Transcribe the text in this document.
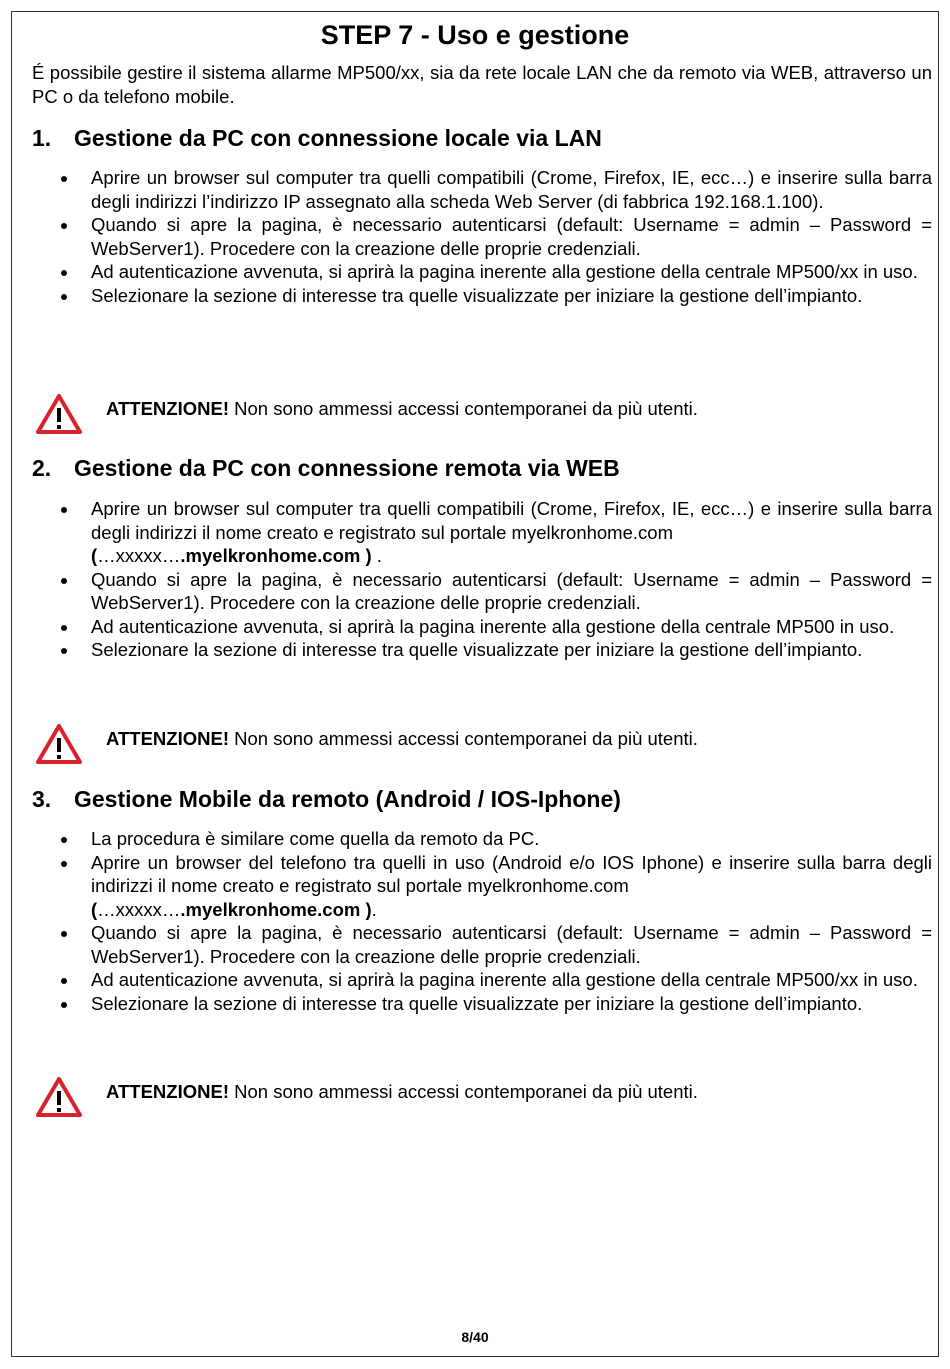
STEP 7 - Uso e gestione
É possibile gestire il sistema allarme MP500/xx, sia da rete locale LAN che da remoto via WEB, attraverso un PC o da telefono mobile.
1. Gestione da PC con connessione locale via LAN
Aprire un browser sul computer tra quelli compatibili (Crome, Firefox, IE, ecc…) e inserire sulla barra degli indirizzi l’indirizzo IP assegnato alla scheda Web Server (di fabbrica 192.168.1.100).
Quando si apre la pagina, è necessario autenticarsi (default: Username = admin – Password = WebServer1). Procedere con la creazione delle proprie credenziali.
Ad autenticazione avvenuta, si aprirà la pagina inerente alla gestione della centrale MP500/xx in uso.
Selezionare la sezione di interesse tra quelle visualizzate per iniziare la gestione dell’impianto.
ATTENZIONE! Non sono ammessi accessi contemporanei da più utenti.
2. Gestione da PC con connessione remota via WEB
Aprire un browser sul computer tra quelli compatibili (Crome, Firefox, IE, ecc…) e inserire sulla barra degli indirizzi il nome creato e registrato sul portale myelkronhome.com
(…xxxxx….myelkronhome.com ) .
Quando si apre la pagina, è necessario autenticarsi (default: Username = admin – Password = WebServer1). Procedere con la creazione delle proprie credenziali.
Ad autenticazione avvenuta, si aprirà la pagina inerente alla gestione della centrale MP500 in uso.
Selezionare la sezione di interesse tra quelle visualizzate per iniziare la gestione dell’impianto.
ATTENZIONE! Non sono ammessi accessi contemporanei da più utenti.
3. Gestione Mobile da remoto (Android / IOS-Iphone)
La procedura è similare come quella da remoto da PC.
Aprire un browser del telefono tra quelli in uso (Android e/o IOS Iphone) e inserire sulla barra degli indirizzi il nome creato e registrato sul portale myelkronhome.com
(…xxxxx….myelkronhome.com ).
Quando si apre la pagina, è necessario autenticarsi (default: Username = admin – Password = WebServer1). Procedere con la creazione delle proprie credenziali.
Ad autenticazione avvenuta, si aprirà la pagina inerente alla gestione della centrale MP500/xx in uso.
Selezionare la sezione di interesse tra quelle visualizzate per iniziare la gestione dell’impianto.
ATTENZIONE! Non sono ammessi accessi contemporanei da più utenti.
8/40
